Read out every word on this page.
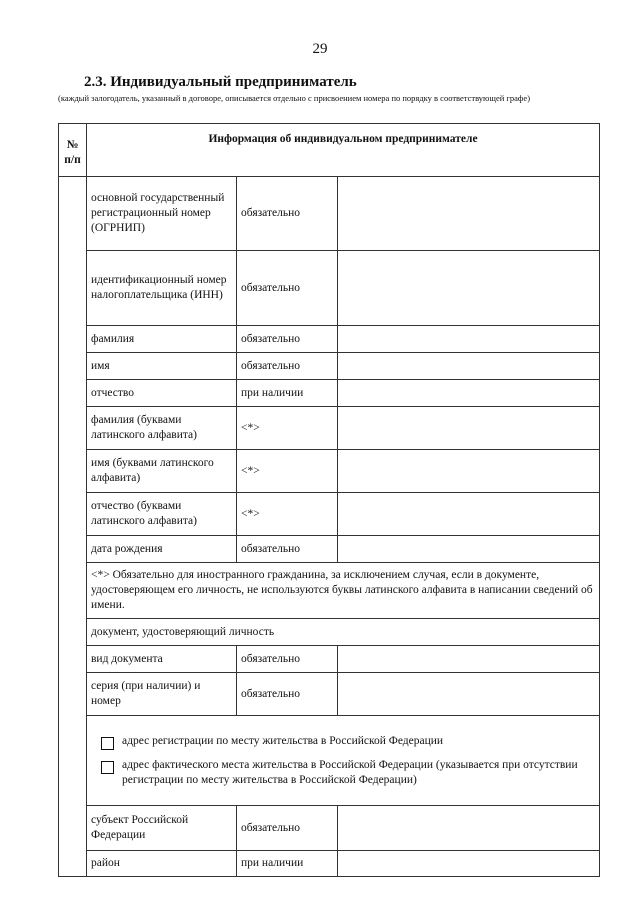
29
2.3. Индивидуальный предприниматель
(каждый залогодатель, указанный в договоре, описывается отдельно с присвоением номера по порядку в соответствующей графе)
№ п/п	Информация об индивидуальном предпринимателе		
	основной государственный регистрационный номер (ОГРНИП)	обязательно	
	идентификационный номер налогоплательщика (ИНН)	обязательно	
	фамилия	обязательно	
	имя	обязательно	
	отчество	при наличии	
	фамилия (буквами латинского алфавита)	<*>	
	имя (буквами латинского алфавита)	<*>	
	отчество (буквами латинского алфавита)	<*>	
	дата рождения	обязательно	
	<*> Обязательно для иностранного гражданина, за исключением случая, если в документе, удостоверяющем его личность, не используются буквы латинского алфавита в написании сведений об имени.		
	документ, удостоверяющий личность		
	вид документа	обязательно	
	серия (при наличии) и номер	обязательно	

	адрес регистрации по месту жительства в Российской Федерации
адрес фактического места жительства в Российской Федерации (указывается при отсутствии регистрации по месту жительства в Российской Федерации)		

	субъект Российской Федерации	обязательно	
	район	при наличии	
